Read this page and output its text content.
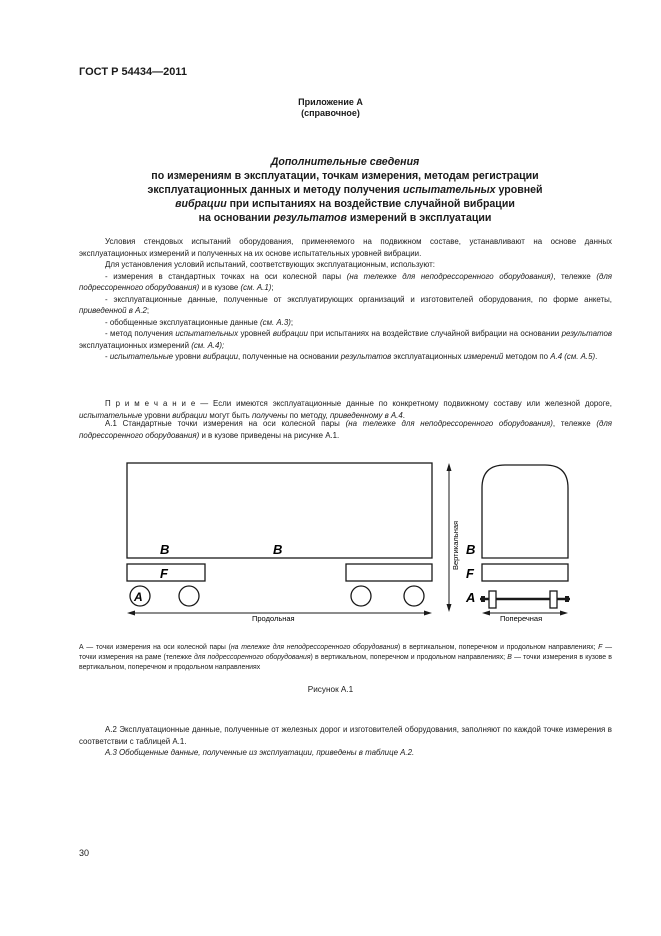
ГОСТ Р 54434—2011
Приложение А
(справочное)
Дополнительные сведения
по измерениям в эксплуатации, точкам измерения, методам регистрации
эксплуатационных данных и методу получения испытательных уровней
вибрации при испытаниях на воздействие случайной вибрации
на основании результатов измерений в эксплуатации

Условия стендовых испытаний оборудования, применяемого на подвижном составе, устанавливают на основе данных эксплуатационных измерений и полученных на их основе испытательных уровней вибрации.

Для установления условий испытаний, соответствующих эксплуатационным, используют:

- измерения в стандартных точках на оси колесной пары (на тележке для неподрессоренного оборудования), тележке (для подрессоренного оборудования) и в кузове (см. А.1);

- эксплуатационные данные, полученные от эксплуатирующих организаций и изготовителей оборудования, по форме анкеты, приведенной в А.2;

- обобщенные эксплуатационные данные (см. А.3);

- метод получения испытательных уровней вибрации при испытаниях на воздействие случайной вибрации на основании результатов эксплуатационных измерений (см. А.4);

- испытательные уровни вибрации, полученные на основании результатов эксплуатационных измерений методом по А.4 (см. А.5).

П р и м е ч а н и е — Если имеются эксплуатационные данные по конкретному подвижному составу или железной дороге, испытательные уровни вибрации могут быть получены по методу, приведенному в А.4.

А.1 Стандартные точки измерения на оси колесной пары (на тележке для неподрессоренного оборудования), тележке (для подрессоренного оборудования) и в кузове приведены на рисунке А.1.

B	B
F
A
Продольная
Вертикальная B
F
A
Поперечная
А — точки измерения на оси колесной пары (на тележке для неподрессоренного оборудования) в вертикальном, поперечном и продольном направлениях; F — точки измерения на раме (тележке для подрессоренного оборудования) в вертикальном, поперечном и продольном направлениях; В — точки измерения в кузове в вертикальном, поперечном и продольном направлениях
Рисунок А.1

А.2 Эксплуатационные данные, полученные от железных дорог и изготовителей оборудования, заполняют по каждой точке измерения в соответствии с таблицей А.1.

А.3 Обобщенные данные, полученные из эксплуатации, приведены в таблице А.2.

30
